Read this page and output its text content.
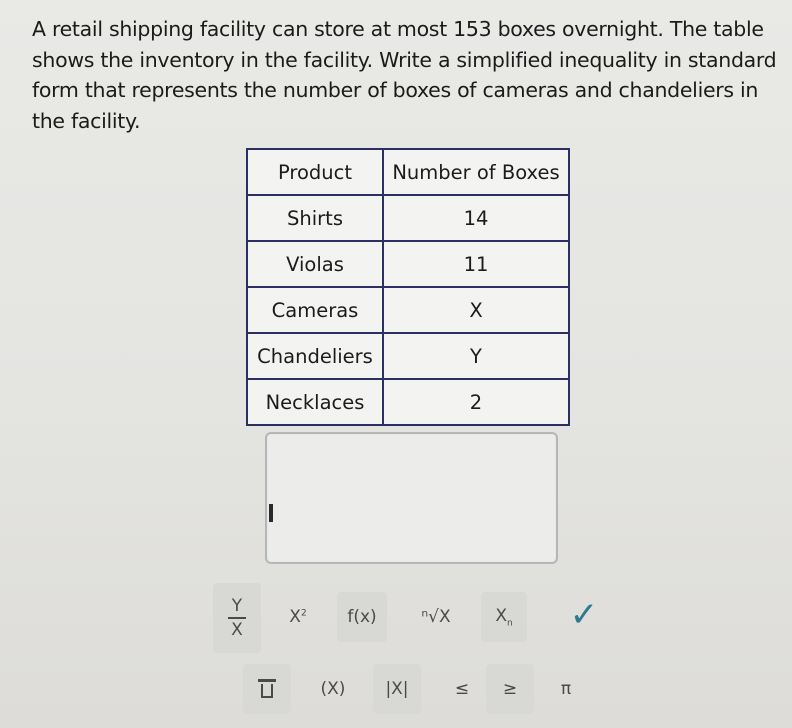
A retail shipping facility can store at most 153 boxes overnight. The table shows the inventory in the facility. Write a simplified inequality in standard form that represents the number of boxes of cameras and chandeliers in the facility.
Product	Number of Boxes
Shirts	14
Violas	11
Cameras	X
Chandeliers	Y
Necklaces	2
$\frac{Y}{X}$	$X^2$ f(x)	ⁿ√X	$X_n$ ✓
(X) |X|	≤ ≥	π
